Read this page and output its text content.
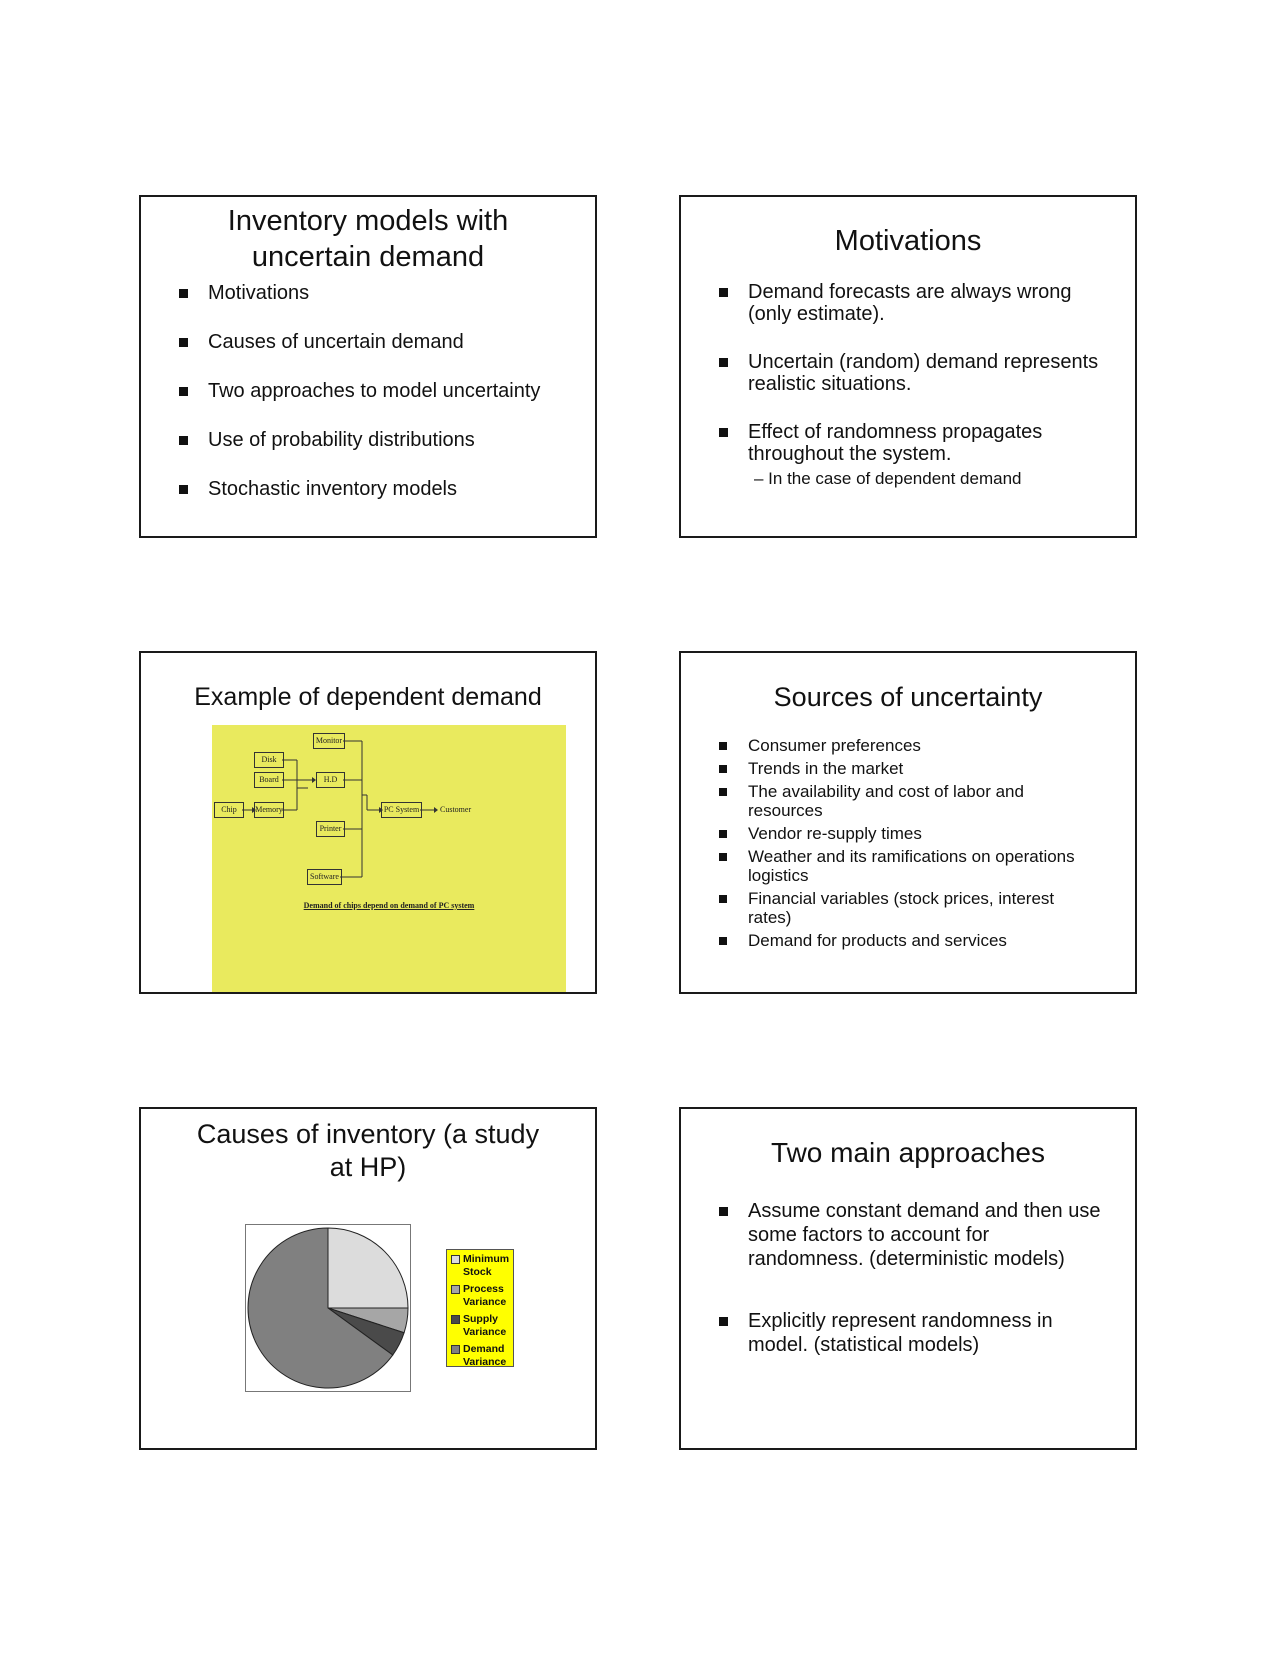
Inventory models with
uncertain demand
Motivations
Causes of uncertain demand
Two approaches to model uncertainty
Use of probability distributions
Stochastic inventory models
Motivations
Demand forecasts are always wrong
(only estimate).
Uncertain (random) demand represents
realistic situations.
Effect of randomness propagates
throughout the system.
– In the case of dependent demand
Example of dependent demand
Monitor
Disk
Board	H.D
Chip	Memory	PC System	Customer
Printer
Software
Demand of chips depend on demand of PC system
Sources of uncertainty
Consumer preferences
Trends in the market
The availability and cost of labor and
resources
Vendor re-supply times
Weather and its ramifications on operations
logistics
Financial variables (stock prices, interest
rates)
Demand for products and services
Causes of inventory (a study
at HP)
Minimum
Stock
Process
Variance
Supply
Variance
Demand
Variance
Two main approaches
Assume constant demand and then use
some factors to account for
randomness. (deterministic models)
Explicitly represent randomness in
model. (statistical models)
